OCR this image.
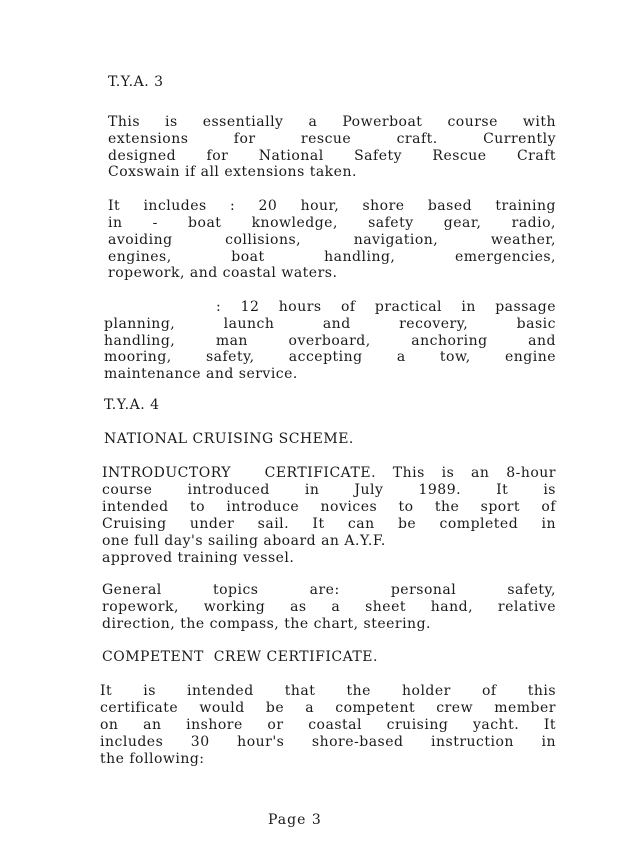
T.Y.A. 3
This is essentially a Powerboat course with
extensions for rescue craft. Currently
designed for National Safety Rescue Craft
Coxswain if all extensions taken.
It includes : 20 hour, shore based training
in - boat knowledge, safety gear, radio,
avoiding collisions, navigation, weather,
engines, boat handling, emergencies,
ropework, and coastal waters.
: 12 hours of practical in passage
planning, launch and recovery, basic
handling, man overboard, anchoring and
mooring, safety, accepting a tow, engine
maintenance and service.
T.Y.A. 4
NATIONAL CRUISING SCHEME.
INTRODUCTORY  CERTIFICATE. This is an 8-hour
course introduced in July 1989. It is
intended to introduce novices to the sport of
Cruising under sail. It can be completed in
one full day's sailing aboard an A.Y.F.
approved training vessel.
General topics are: personal safety,
ropework, working as a sheet hand, relative
direction, the compass, the chart, steering.
COMPETENT  CREW CERTIFICATE.
It is intended that the holder of this
certificate would be a competent crew member
on an inshore or coastal cruising yacht. It
includes 30 hour's shore-based instruction in
the following:
Page 3
